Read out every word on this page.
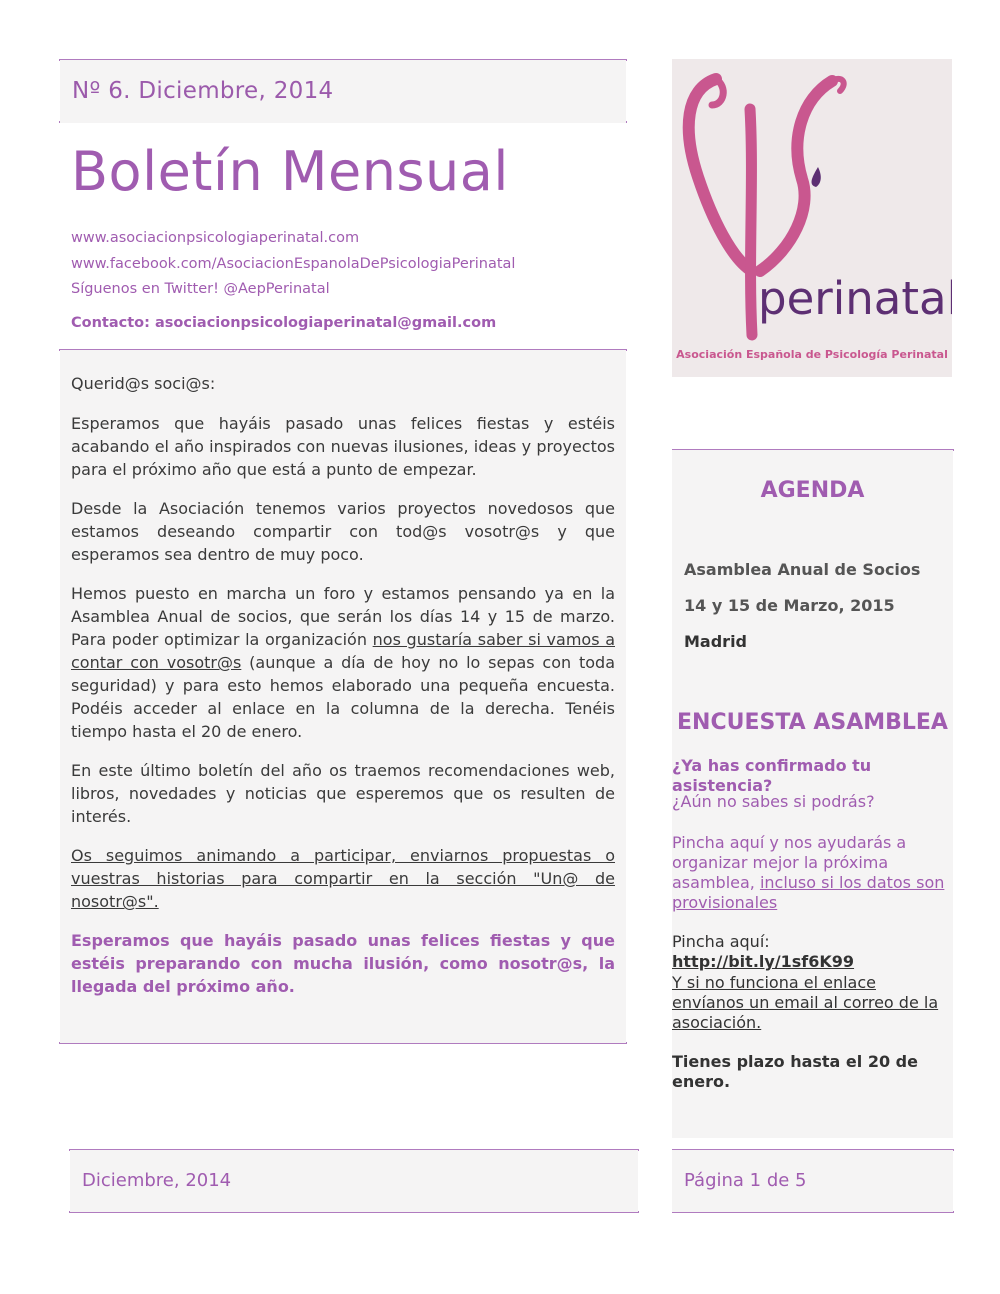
Nº 6. Diciembre, 2014
Boletín Mensual
www.asociacionpsicologiaperinatal.com
www.facebook.com/AsociacionEspanolaDePsicologiaPerinatal
Síguenos en Twitter! @AepPerinatal
Contacto: asociacionpsicologiaperinatal@gmail.com

Querid@s soci@s:

Esperamos que hayáis pasado unas felices fiestas y estéis acabando el año inspirados con nuevas ilusiones, ideas y proyectos para el próximo año que está a punto de empezar.

Desde la Asociación tenemos varios proyectos novedosos que estamos deseando compartir con tod@s vosotr@s y que esperamos sea dentro de muy poco.

Hemos puesto en marcha un foro y estamos pensando ya en la Asamblea Anual de socios, que serán los días 14 y 15 de marzo. Para poder optimizar la organización nos gustaría saber si vamos a contar con vosotr@s (aunque a día de hoy no lo sepas con toda seguridad) y para esto hemos elaborado una pequeña encuesta. Podéis acceder al enlace en la columna de la derecha. Tenéis tiempo hasta el 20 de enero.

En este último boletín del año os traemos recomendaciones web, libros, novedades y noticias que esperemos que os resulten de interés.

Os seguimos animando a participar, enviarnos propuestas o vuestras historias para compartir en la sección "Un@ de nosotr@s".

Esperamos que hayáis pasado unas felices fiestas y que estéis preparando con mucha ilusión, como nosotr@s, la llegada del próximo año.

perinatal
Asociación Española de Psicología Perinatal
AGENDA
Asamblea Anual de Socios
14 y 15 de Marzo, 2015
Madrid
ENCUESTA ASAMBLEA
¿Ya has confirmado tu asistencia?
¿Aún no sabes si podrás?
Pincha aquí y nos ayudarás a organizar mejor la próxima asamblea, incluso si los datos son provisionales
Pincha aquí:  http://bit.ly/1sf6K99
Y si no funciona el enlace envíanos un email al correo de la asociación.
Tienes plazo hasta el 20 de enero.
Diciembre, 2014	Página 1 de 5
